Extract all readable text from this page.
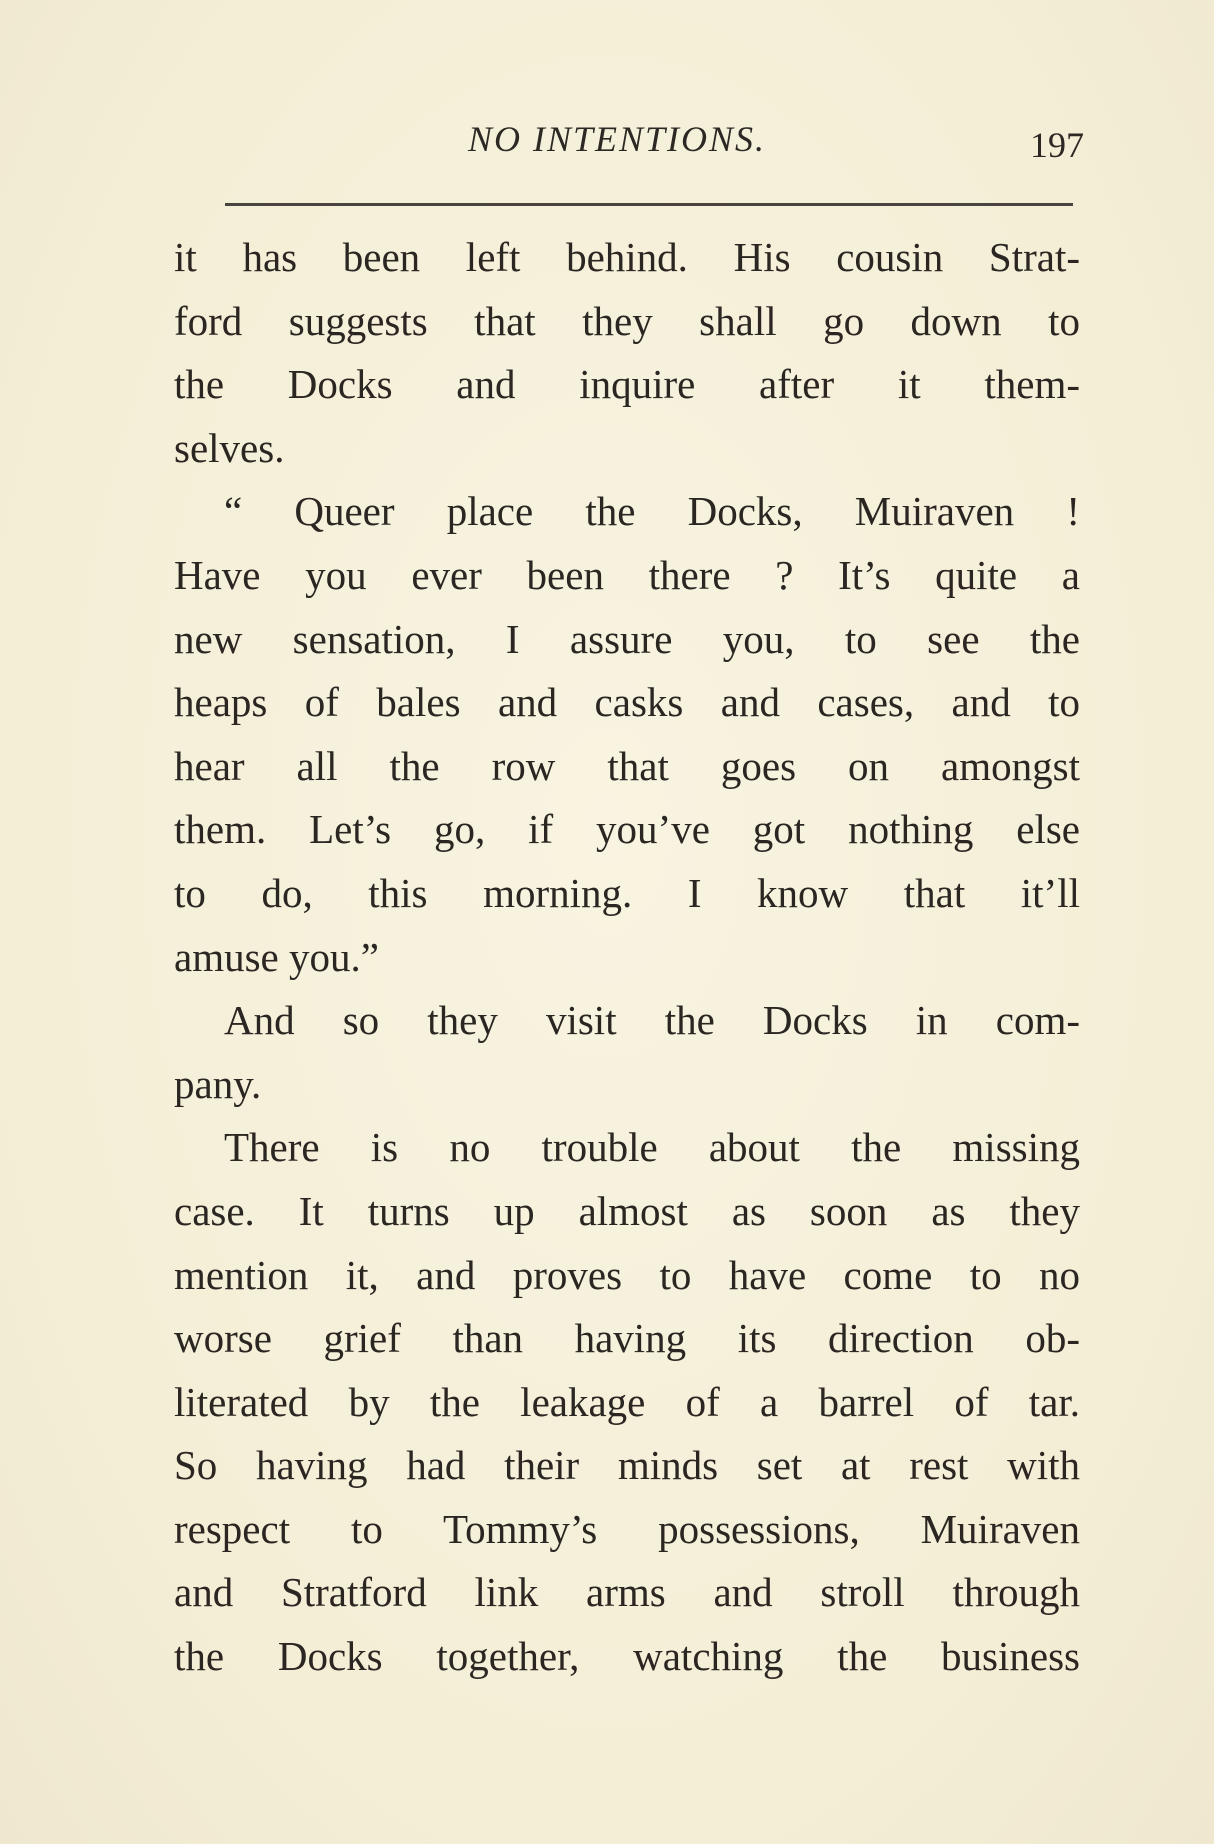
NO INTENTIONS.	197
it has been left behind. His cousin Strat-
ford suggests that they shall go down to
the Docks and inquire after it them-
selves.
“ Queer place the Docks, Muiraven !
Have you ever been there ? It’s quite a
new sensation, I assure you, to see the
heaps of bales and casks and cases, and to
hear all the row that goes on amongst
them. Let’s go, if you’ve got nothing else
to do, this morning. I know that it’ll
amuse you.”
And so they visit the Docks in com-
pany.
There is no trouble about the missing
case. It turns up almost as soon as they
mention it, and proves to have come to no
worse grief than having its direction ob-
literated by the leakage of a barrel of tar.
So having had their minds set at rest with
respect to Tommy’s possessions, Muiraven
and Stratford link arms and stroll through
the Docks together, watching the business
